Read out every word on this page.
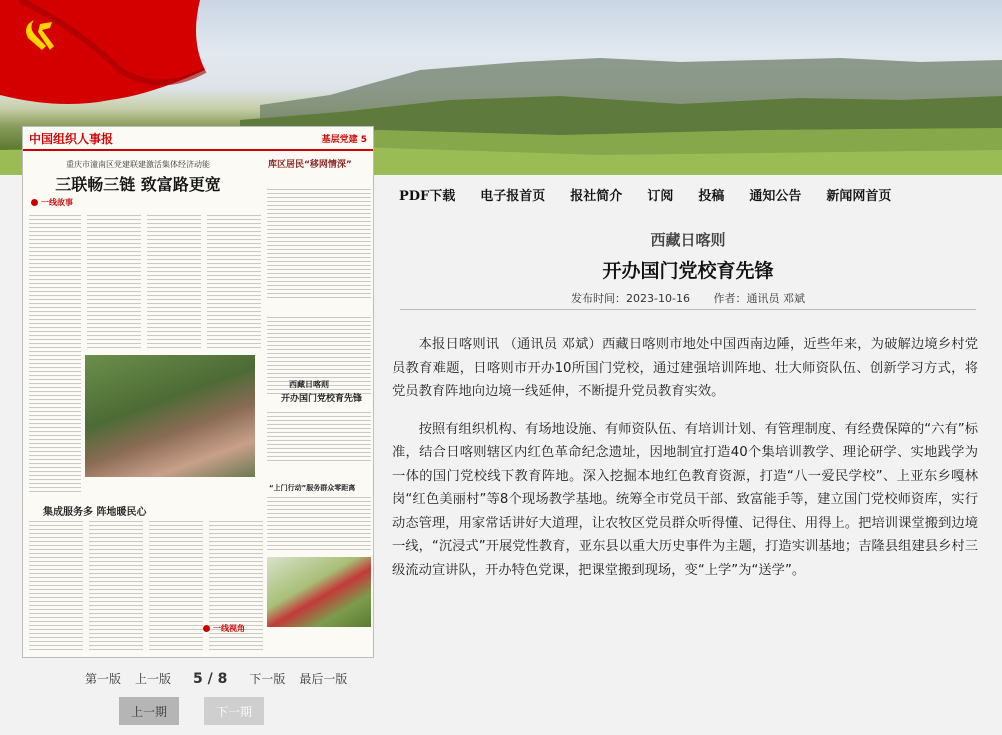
中国组织人事报	基层党建 5
重庆市潼南区党建联建激活集体经济动能
三联畅三链 致富路更宽
库区居民“移网情深”
一线故事
集成服务多 阵地暖民心
西藏日喀则
开办国门党校育先锋
“上门行动”服务群众零距离
一线视角
第一版 上一版 5 / 8 下一版 最后一版
上一期	下一期
PDF下载 电子报首页 报社简介 订阅 投稿 通知公告 新闻网首页
西藏日喀则
开办国门党校育先锋
发布时间：2023-10-16 作者：通讯员 邓斌

本报日喀则讯 （通讯员 邓斌）西藏日喀则市地处中国西南边陲，近些年来，为破解边境乡村党员教育难题，日喀则市开办10所国门党校，通过建强培训阵地、壮大师资队伍、创新学习方式，将党员教育阵地向边境一线延伸，不断提升党员教育实效。

按照有组织机构、有场地设施、有师资队伍、有培训计划、有管理制度、有经费保障的“六有”标准，结合日喀则辖区内红色革命纪念遗址，因地制宜打造40个集培训教学、理论研学、实地践学为一体的国门党校线下教育阵地。深入挖掘本地红色教育资源，打造“八一爱民学校”、上亚东乡嘎林岗“红色美丽村”等8个现场教学基地。统筹全市党员干部、致富能手等，建立国门党校师资库，实行动态管理，用家常话讲好大道理，让农牧区党员群众听得懂、记得住、用得上。把培训课堂搬到边境一线，“沉浸式”开展党性教育，亚东县以重大历史事件为主题，打造实训基地；吉隆县组建县乡村三级流动宣讲队，开办特色党课，把课堂搬到现场，变“上学”为“送学”。
